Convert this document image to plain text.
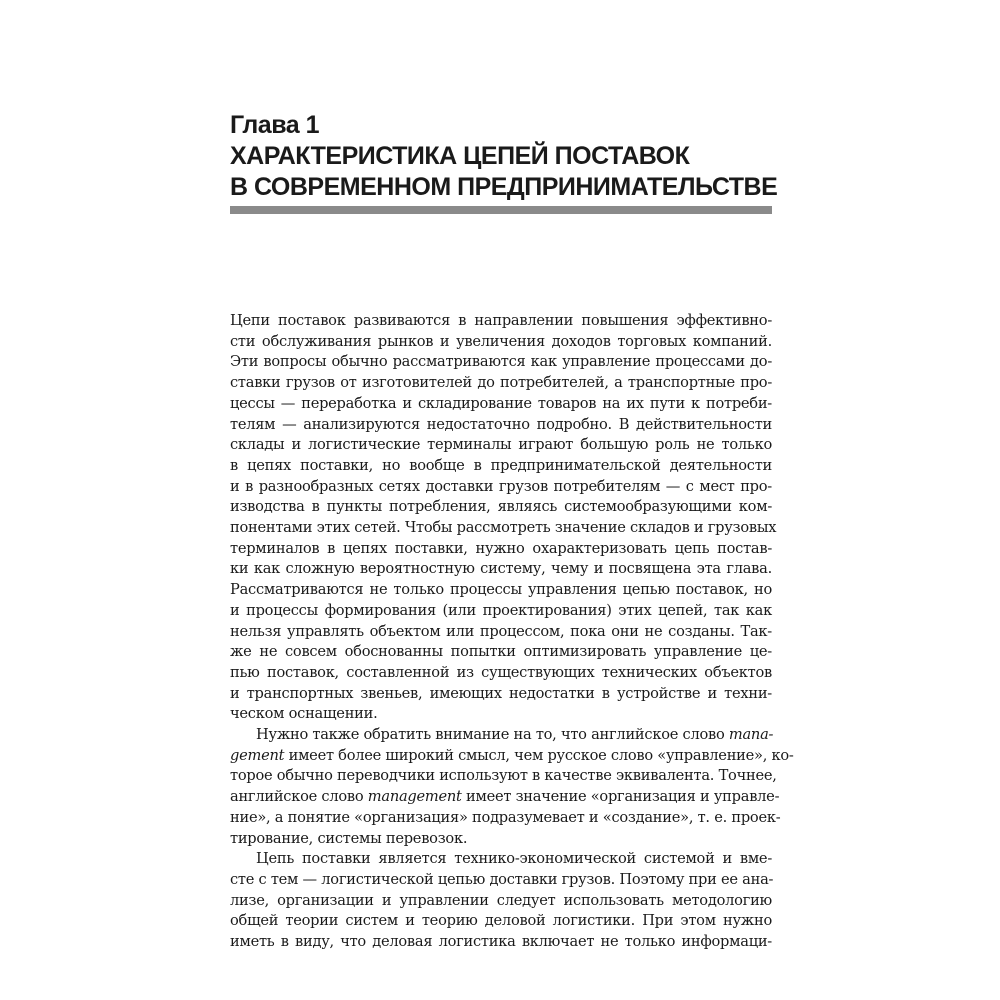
Глава 1
ХАРАКТЕРИСТИКА ЦЕПЕЙ ПОСТАВОК
В СОВРЕМЕННОМ ПРЕДПРИНИМАТЕЛЬСТВЕ
Цепи поставок развиваются в направлении повышения эффективно-
сти обслуживания рынков и увеличения доходов торговых компаний.
Эти вопросы обычно рассматриваются как управление процессами до-
ставки грузов от изготовителей до потребителей, а транспортные про-
цессы — переработка и складирование товаров на их пути к потреби-
телям — анализируются недостаточно подробно. В действительности
склады и логистические терминалы играют большую роль не только
в цепях поставки, но вообще в предпринимательской деятельности
и в разнообразных сетях доставки грузов потребителям — с мест про-
изводства в пункты потребления, являясь системообразующими ком-
понентами этих сетей. Чтобы рассмотреть значение складов и грузовых
терминалов в цепях поставки, нужно охарактеризовать цепь постав-
ки как сложную вероятностную систему, чему и посвящена эта глава.
Рассматриваются не только процессы управления цепью поставок, но
и процессы формирования (или проектирования) этих цепей, так как
нельзя управлять объектом или процессом, пока они не созданы. Так-
же не совсем обоснованны попытки оптимизировать управление це-
пью поставок, составленной из существующих технических объектов
и транспортных звеньев, имеющих недостатки в устройстве и техни-
ческом оснащении.
Нужно также обратить внимание на то, что английское слово mana-
gement имеет более широкий смысл, чем русское слово «управление», ко-
торое обычно переводчики используют в качестве эквивалента. Точнее,
английское слово management имеет значение «организация и управле-
ние», а понятие «организация» подразумевает и «создание», т. е. проек-
тирование, системы перевозок.
Цепь поставки является технико-экономической системой и вме-
сте с тем — логистической цепью доставки грузов. Поэтому при ее ана-
лизе, организации и управлении следует использовать методологию
общей теории систем и теорию деловой логистики. При этом нужно
иметь в виду, что деловая логистика включает не только информаци-
